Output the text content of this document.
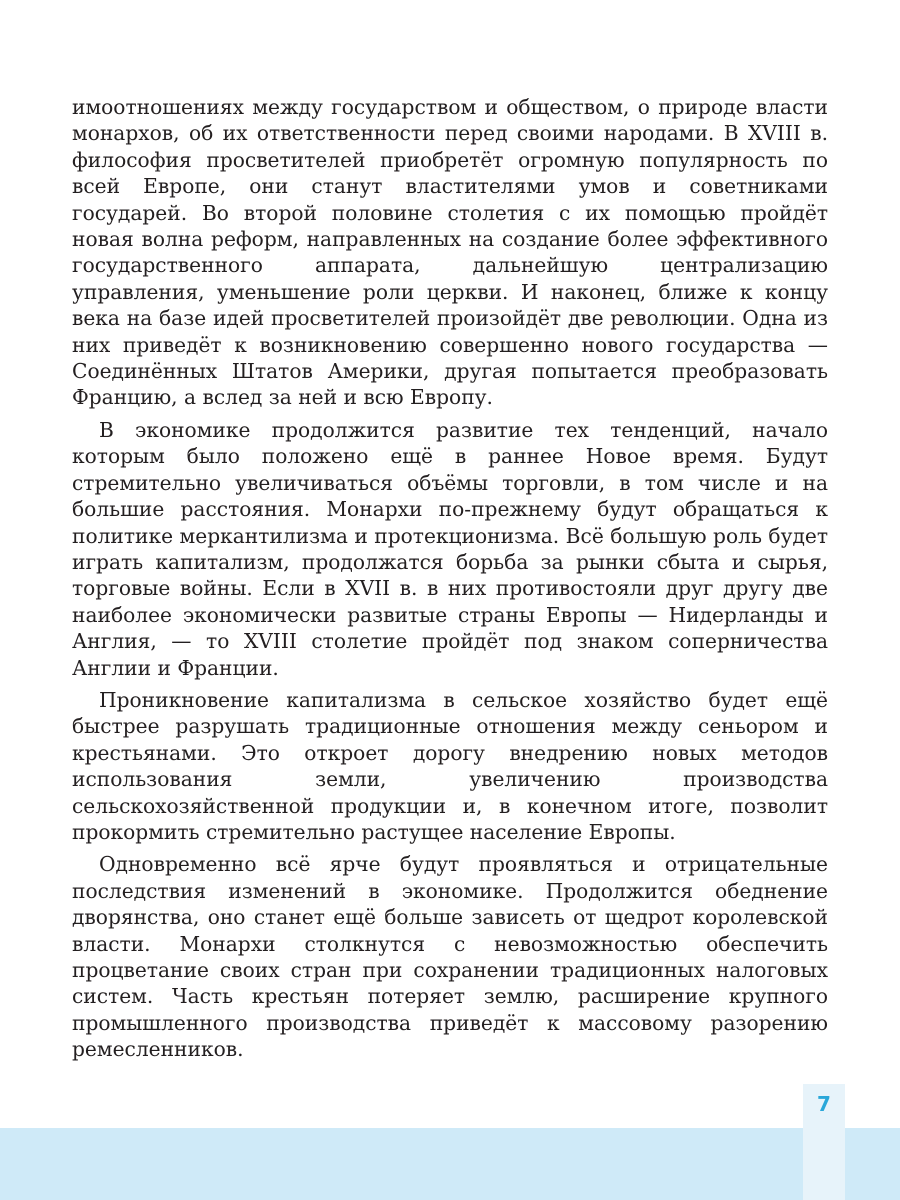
имоотношениях между государством и обществом, о природе власти монархов, об их ответственности перед своими народами. В XVIII в. философия просветителей приобретёт огромную популярность по всей Европе, они станут властителями умов и советниками государей. Во второй половине столетия с их помощью пройдёт новая волна реформ, направленных на создание более эффективного государственного аппарата, дальнейшую централизацию управления, уменьшение роли церкви. И наконец, ближе к концу века на базе идей просветителей произойдёт две революции. Одна из них приведёт к возникновению совершенно нового государства — Соединённых Штатов Америки, другая попытается преобразовать Францию, а вслед за ней и всю Европу.

В экономике продолжится развитие тех тенденций, начало которым было положено ещё в раннее Новое время. Будут стремительно увеличиваться объёмы торговли, в том числе и на большие расстояния. Монархи по-прежнему будут обращаться к политике меркантилизма и протекционизма. Всё большую роль будет играть капитализм, продолжатся борьба за рынки сбыта и сырья, торговые войны. Если в XVII в. в них противостояли друг другу две наиболее экономически развитые страны Европы — Нидерланды и Англия, — то XVIII столетие пройдёт под знаком соперничества Англии и Франции.

Проникновение капитализма в сельское хозяйство будет ещё быстрее разрушать традиционные отношения между сеньором и крестьянами. Это откроет дорогу внедрению новых методов использования земли, увеличению производства сельскохозяйственной продукции и, в конечном итоге, позволит прокормить стремительно растущее население Европы.

Одновременно всё ярче будут проявляться и отрицательные последствия изменений в экономике. Продолжится обеднение дворянства, оно станет ещё больше зависеть от щедрот королевской власти. Монархи столкнутся с невозможностью обеспечить процветание своих стран при сохранении традиционных налоговых систем. Часть крестьян потеряет землю, расширение крупного промышленного производства приведёт к массовому разорению ремесленников.

7
